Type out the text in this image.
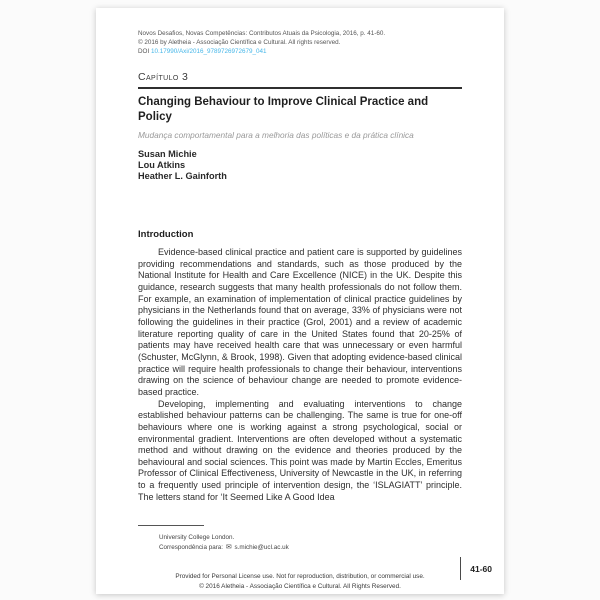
Novos Desafios, Novas Competências: Contributos Atuais da Psicologia, 2016, p. 41-60.
© 2016 by Aletheia - Associação Científica e Cultural. All rights reserved.
DOI 10.17990/Axi/2016_9789726972679_041
Capítulo 3
Changing Behaviour to Improve Clinical Practice and Policy
Mudança comportamental para a melhoria das políticas e da prática clínica
Susan Michie
Lou Atkins
Heather L. Gainforth
Introduction

Evidence-based clinical practice and patient care is supported by guidelines providing recommendations and standards, such as those produced by the National Institute for Health and Care Excellence (NICE) in the UK. Despite this guidance, research suggests that many health professionals do not follow them. For example, an examination of implementation of clinical practice guidelines by physicians in the Netherlands found that on average, 33% of physicians were not following the guidelines in their practice (Grol, 2001) and a review of academic literature reporting quality of care in the United States found that 20-25% of patients may have received health care that was unnecessary or even harmful (Schuster, McGlynn, & Brook, 1998). Given that adopting evidence-based clinical practice will require health professionals to change their behaviour, interventions drawing on the science of behaviour change are needed to promote evidence-based practice.

Developing, implementing and evaluating interventions to change established behaviour patterns can be challenging. The same is true for one-off behaviours where one is working against a strong psychological, social or environmental gradient. Interventions are often developed without a systematic method and without drawing on the evidence and theories produced by the behavioural and social sciences. This point was made by Martin Eccles, Emeritus Professor of Clinical Effectiveness, University of Newcastle in the UK, in referring to a frequently used principle of intervention design, the ‘ISLAGIATT’ principle. The letters stand for ‘It Seemed Like A Good Idea

University College London.
Correspondência para: ✉ s.michie@ucl.ac.uk
41-60
Provided for Personal License use. Not for reproduction, distribution, or commercial use.
© 2016 Aletheia - Associação Científica e Cultural. All Rights Reserved.
